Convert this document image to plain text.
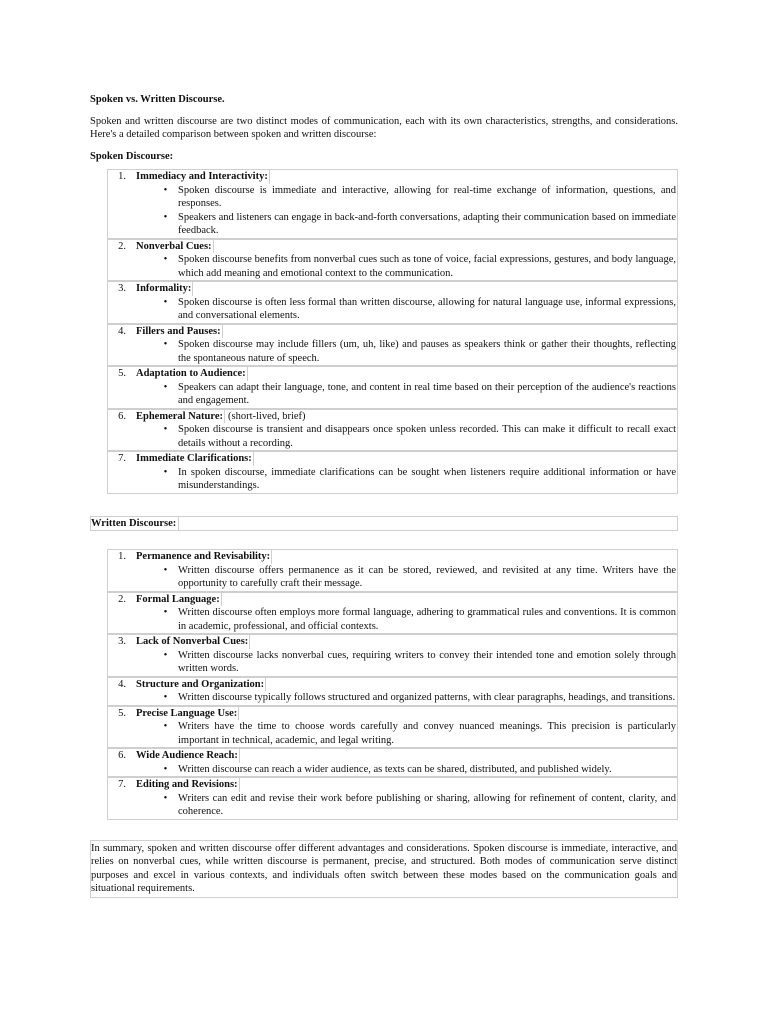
Spoken vs. Written Discourse.

Spoken and written discourse are two distinct modes of communication, each with its own characteristics, strengths, and considerations. Here's a detailed comparison between spoken and written discourse:

Spoken Discourse:

1. Immediacy and Interactivity:
•	Spoken discourse is immediate and interactive, allowing for real-time exchange of information, questions, and responses.
•	Speakers and listeners can engage in back-and-forth conversations, adapting their communication based on immediate feedback.
2. Nonverbal Cues:
•	Spoken discourse benefits from nonverbal cues such as tone of voice, facial expressions, gestures, and body language, which add meaning and emotional context to the communication.
3. Informality:
•	Spoken discourse is often less formal than written discourse, allowing for natural language use, informal expressions, and conversational elements.
4. Fillers and Pauses:
•	Spoken discourse may include fillers (um, uh, like) and pauses as speakers think or gather their thoughts, reflecting the spontaneous nature of speech.
5. Adaptation to Audience:
•	Speakers can adapt their language, tone, and content in real time based on their perception of the audience's reactions and engagement.
6. Ephemeral Nature: (short-lived, brief)
•	Spoken discourse is transient and disappears once spoken unless recorded. This can make it difficult to recall exact details without a recording.
7. Immediate Clarifications:
•	In spoken discourse, immediate clarifications can be sought when listeners require additional information or have misunderstandings.
Written Discourse:
1. Permanence and Revisability:
•	Written discourse offers permanence as it can be stored, reviewed, and revisited at any time. Writers have the opportunity to carefully craft their message.
2. Formal Language:
•	Written discourse often employs more formal language, adhering to grammatical rules and conventions. It is common in academic, professional, and official contexts.
3. Lack of Nonverbal Cues:
•	Written discourse lacks nonverbal cues, requiring writers to convey their intended tone and emotion solely through written words.
4. Structure and Organization:
•	Written discourse typically follows structured and organized patterns, with clear paragraphs, headings, and transitions.
5. Precise Language Use:
•	Writers have the time to choose words carefully and convey nuanced meanings. This precision is particularly important in technical, academic, and legal writing.
6. Wide Audience Reach:
•	Written discourse can reach a wider audience, as texts can be shared, distributed, and published widely.
7. Editing and Revisions:
•	Writers can edit and revise their work before publishing or sharing, allowing for refinement of content, clarity, and coherence.
In summary, spoken and written discourse offer different advantages and considerations. Spoken discourse is immediate, interactive, and relies on nonverbal cues, while written discourse is permanent, precise, and structured. Both modes of communication serve distinct purposes and excel in various contexts, and individuals often switch between these modes based on the communication goals and situational requirements.
